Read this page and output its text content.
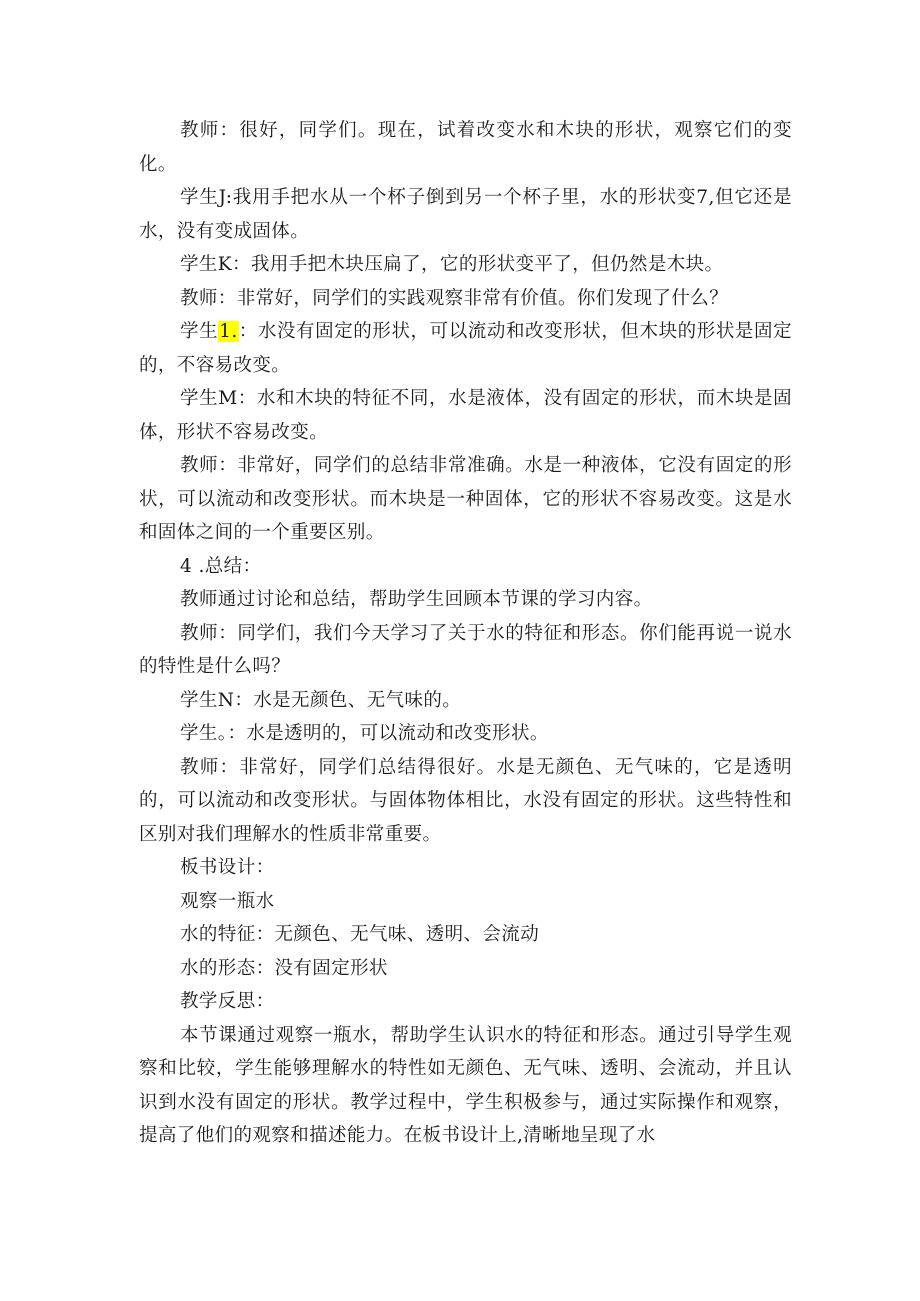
教师：很好，同学们。现在，试着改变水和木块的形状，观察它们的变化。

学生J:我用手把水从一个杯子倒到另一个杯子里，水的形状变7,但它还是水，没有变成固体。

学生K：我用手把木块压扁了，它的形状变平了，但仍然是木块。

教师：非常好，同学们的实践观察非常有价值。你们发现了什么？

学生1.：水没有固定的形状，可以流动和改变形状，但木块的形状是固定的，不容易改变。

学生M：水和木块的特征不同，水是液体，没有固定的形状，而木块是固体，形状不容易改变。

教师：非常好，同学们的总结非常准确。水是一种液体，它没有固定的形状，可以流动和改变形状。而木块是一种固体，它的形状不容易改变。这是水和固体之间的一个重要区别。

4 .总结：

教师通过讨论和总结，帮助学生回顾本节课的学习内容。

教师：同学们，我们今天学习了关于水的特征和形态。你们能再说一说水的特性是什么吗？

学生N：水是无颜色、无气味的。

学生。：水是透明的，可以流动和改变形状。

教师：非常好，同学们总结得很好。水是无颜色、无气味的，它是透明的，可以流动和改变形状。与固体物体相比，水没有固定的形状。这些特性和区别对我们理解水的性质非常重要。

板书设计：

观察一瓶水

水的特征：无颜色、无气味、透明、会流动

水的形态：没有固定形状

教学反思：

本节课通过观察一瓶水，帮助学生认识水的特征和形态。通过引导学生观察和比较，学生能够理解水的特性如无颜色、无气味、透明、会流动，并且认识到水没有固定的形状。教学过程中，学生积极参与，通过实际操作和观察，提高了他们的观察和描述能力。在板书设计上,清晰地呈现了水
